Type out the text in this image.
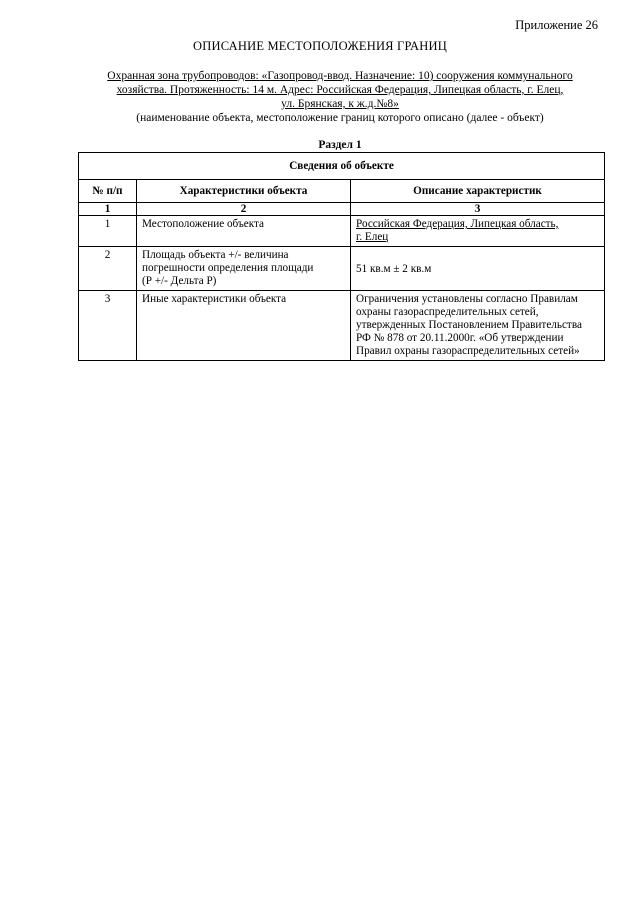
Приложение 26
ОПИСАНИЕ МЕСТОПОЛОЖЕНИЯ ГРАНИЦ
Охранная зона трубопроводов: «Газопровод-ввод. Назначение: 10) сооружения коммунального
хозяйства. Протяженность: 14 м. Адрес: Российская Федерация, Липецкая область, г. Елец,
ул. Брянская, к ж.д.№8»
(наименование объекта, местоположение границ которого описано (далее - объект)
Раздел 1
Сведения об объекте		
№ п/п	Характеристики объекта	Описание характеристик
1	2	3
1	Местоположение объекта	Российская Федерация, Липецкая область,
г. Елец

2	Площадь объекта +/- величина
погрешности определения площади
(Р +/- Дельта Р)	51 кв.м ± 2 кв.м
3	Иные характеристики объекта	Ограничения установлены согласно Правилам
охраны газораспределительных сетей,
утвержденных Постановлением Правительства
РФ № 878 от 20.11.2000г. «Об утверждении
Правил охраны газораспределительных сетей»
